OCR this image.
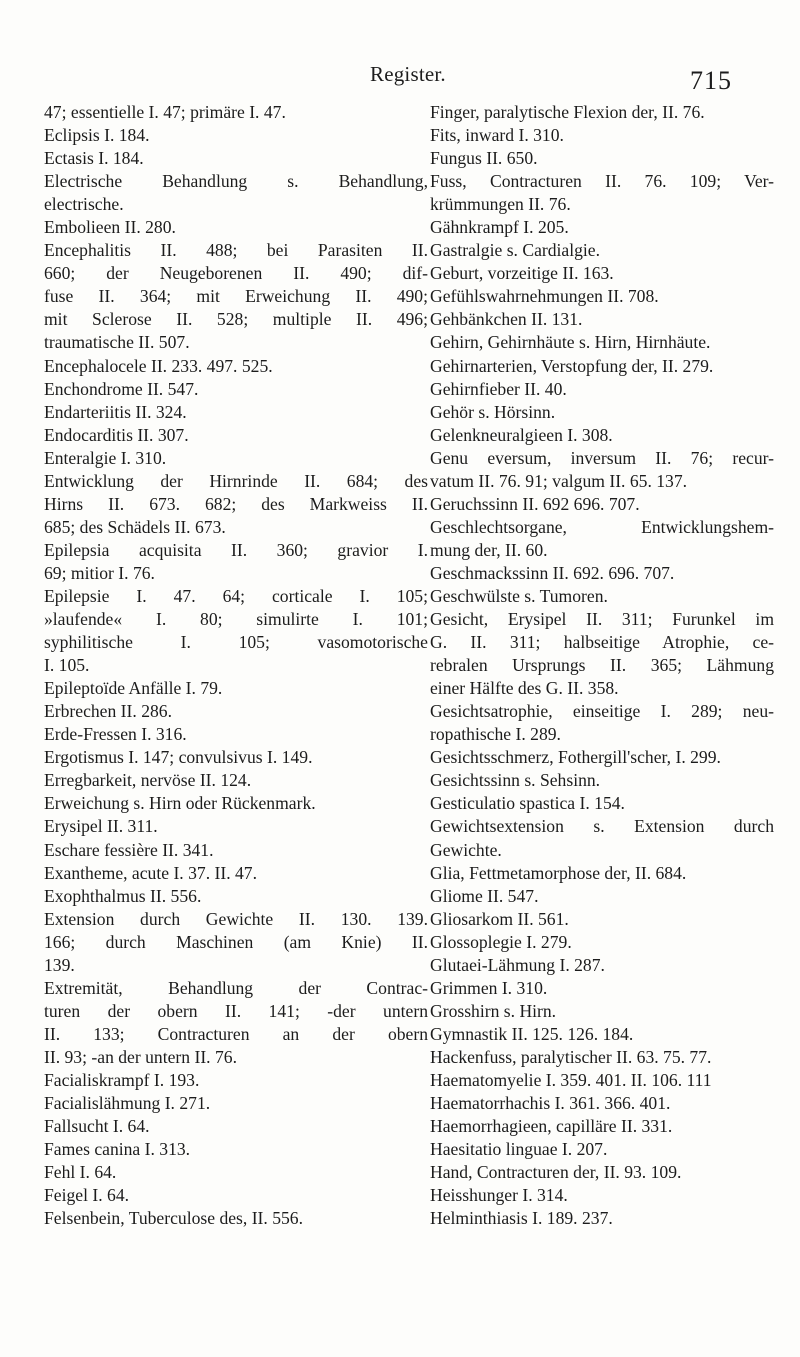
Register.	715
47; essentielle I. 47; primäre I. 47.
Eclipsis I. 184.
Ectasis I. 184.
Electrische Behandlung s. Behandlung,
electrische.
Embolieen II. 280.
Encephalitis II. 488; bei Parasiten II.
660; der Neugeborenen II. 490; dif-
fuse II. 364; mit Erweichung II. 490;
mit Sclerose II. 528; multiple II. 496;
traumatische II. 507.
Encephalocele II. 233. 497. 525.
Enchondrome II. 547.
Endarteriitis II. 324.
Endocarditis II. 307.
Enteralgie I. 310.
Entwicklung der Hirnrinde II. 684; des
Hirns II. 673. 682; des Markweiss II.
685; des Schädels II. 673.
Epilepsia acquisita II. 360; gravior I.
69; mitior I. 76.
Epilepsie I. 47. 64; corticale I. 105;
»laufende« I. 80; simulirte I. 101;
syphilitische I. 105; vasomotorische
I. 105.
Epileptoïde Anfälle I. 79.
Erbrechen II. 286.
Erde-Fressen I. 316.
Ergotismus I. 147; convulsivus I. 149.
Erregbarkeit, nervöse II. 124.
Erweichung s. Hirn oder Rückenmark.
Erysipel II. 311.
Eschare fessière II. 341.
Exantheme, acute I. 37. II. 47.
Exophthalmus II. 556.
Extension durch Gewichte II. 130. 139.
166; durch Maschinen (am Knie) II.
139.
Extremität, Behandlung der Contrac-
turen der obern II. 141; -der untern
II. 133; Contracturen an der obern
II. 93; -an der untern II. 76.
Facialiskrampf I. 193.
Facialislähmung I. 271.
Fallsucht I. 64.
Fames canina I. 313.
Fehl I. 64.
Feigel I. 64.
Felsenbein, Tuberculose des, II. 556.
Finger, paralytische Flexion der, II. 76.
Fits, inward I. 310.
Fungus II. 650.
Fuss, Contracturen II. 76. 109; Ver-
krümmungen II. 76.
Gähnkrampf I. 205.
Gastralgie s. Cardialgie.
Geburt, vorzeitige II. 163.
Gefühlswahrnehmungen II. 708.
Gehbänkchen II. 131.
Gehirn, Gehirnhäute s. Hirn, Hirnhäute.
Gehirnarterien, Verstopfung der, II. 279.
Gehirnfieber II. 40.
Gehör s. Hörsinn.
Gelenkneuralgieen I. 308.
Genu eversum, inversum II. 76; recur-
vatum II. 76. 91; valgum II. 65. 137.
Geruchssinn II. 692 696. 707.
Geschlechtsorgane, Entwicklungshem-
mung der, II. 60.
Geschmackssinn II. 692. 696. 707.
Geschwülste s. Tumoren.
Gesicht, Erysipel II. 311; Furunkel im
G. II. 311; halbseitige Atrophie, ce-
rebralen Ursprungs II. 365; Lähmung
einer Hälfte des G. II. 358.
Gesichtsatrophie, einseitige I. 289; neu-
ropathische I. 289.
Gesichtsschmerz, Fothergill'scher, I. 299.
Gesichtssinn s. Sehsinn.
Gesticulatio spastica I. 154.
Gewichtsextension s. Extension durch
Gewichte.
Glia, Fettmetamorphose der, II. 684.
Gliome II. 547.
Gliosarkom II. 561.
Glossoplegie I. 279.
Glutaei-Lähmung I. 287.
Grimmen I. 310.
Grosshirn s. Hirn.
Gymnastik II. 125. 126. 184.
Hackenfuss, paralytischer II. 63. 75. 77.
Haematomyelie I. 359. 401. II. 106. 111
Haematorrhachis I. 361. 366. 401.
Haemorrhagieen, capilläre II. 331.
Haesitatio linguae I. 207.
Hand, Contracturen der, II. 93. 109.
Heisshunger I. 314.
Helminthiasis I. 189. 237.
